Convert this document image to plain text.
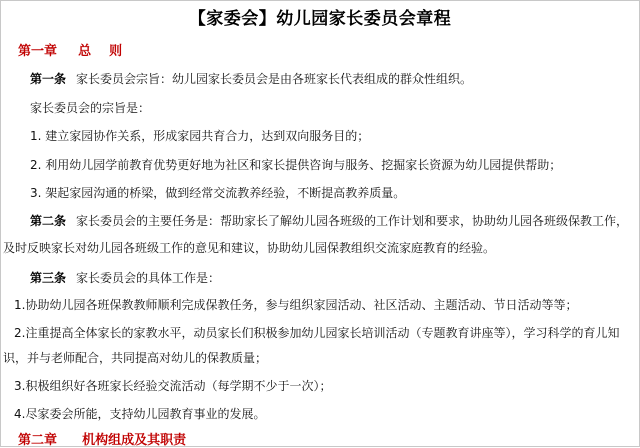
【家委会】幼儿园家长委员会章程
第一章 总    则
第一条 家长委员会宗旨：幼儿园家长委员会是由各班家长代表组成的群众性组织。
家长委员会的宗旨是：
1. 建立家园协作关系，形成家园共育合力，达到双向服务目的；
2. 利用幼儿园学前教育优势更好地为社区和家长提供咨询与服务、挖掘家长资源为幼儿园提供帮助；
3. 架起家园沟通的桥梁，做到经常交流教养经验，不断提高教养质量。
第二条 家长委员会的主要任务是：帮助家长了解幼儿园各班级的工作计划和要求，协助幼儿园各班级保教工作，
及时反映家长对幼儿园各班级工作的意见和建议，协助幼儿园保教组织交流家庭教育的经验。
第三条 家长委员会的具体工作是：
1.协助幼儿园各班保教教师顺利完成保教任务，参与组织家园活动、社区活动、主题活动、节日活动等等；
2.注重提高全体家长的家教水平，动员家长们积极参加幼儿园家长培训活动（专题教育讲座等），学习科学的育儿知
识，并与老师配合，共同提高对幼儿的保教质量；
3.积极组织好各班家长经验交流活动（每学期不少于一次）；
4.尽家委会所能，支持幼儿园教育事业的发展。
第二章 机构组成及其职责
